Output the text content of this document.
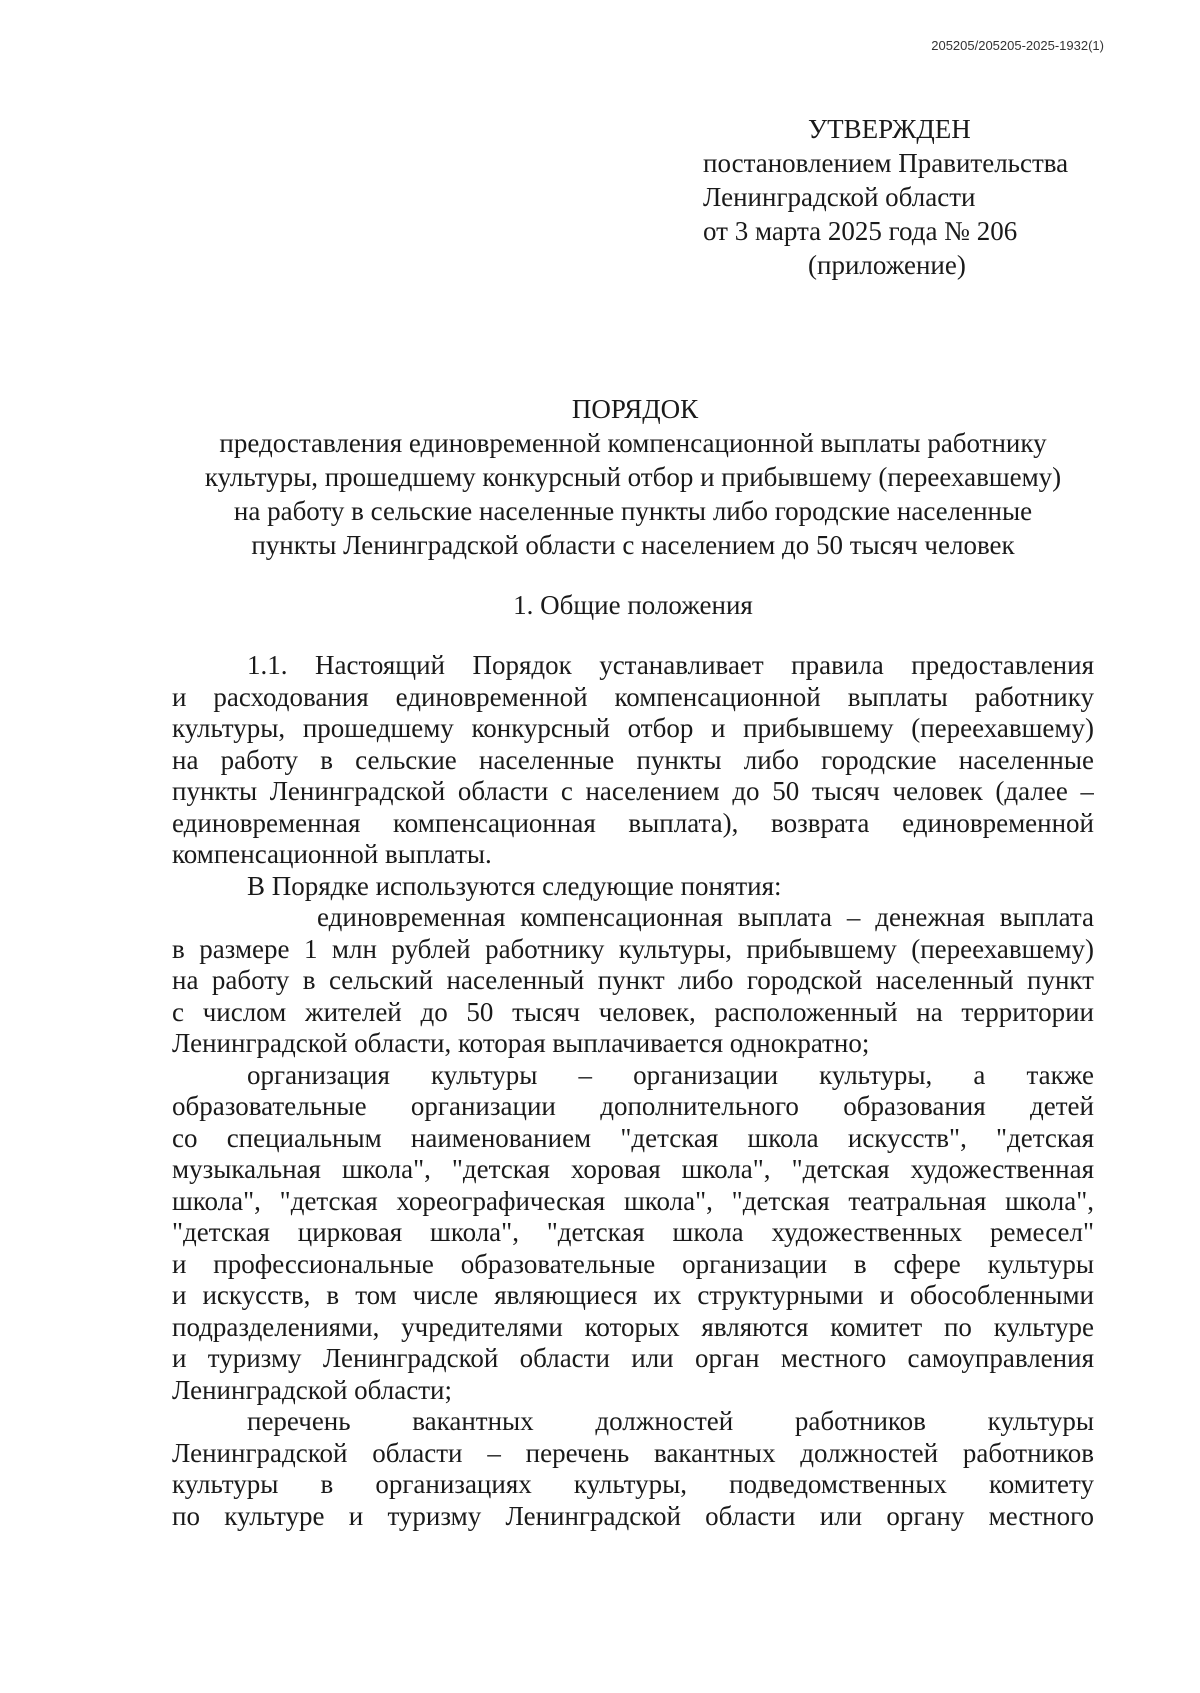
205205/205205-2025-1932(1)
УТВЕРЖДЕН
постановлением Правительства
Ленинградской области
от 3 марта 2025 года № 206
(приложение)
ПОРЯДОК
предоставления единовременной компенсационной выплаты работнику
культуры, прошедшему конкурсный отбор и прибывшему (переехавшему)
на работу в сельские населенные пункты либо городские населенные
пункты Ленинградской области с населением до 50 тысяч человек
1. Общие положения
1.1. Настоящий Порядок устанавливает правила предоставления
и расходования единовременной компенсационной выплаты работнику
культуры, прошедшему конкурсный отбор и прибывшему (переехавшему)
на работу в сельские населенные пункты либо городские населенные
пункты Ленинградской области с населением до 50 тысяч человек (далее –
единовременная компенсационная выплата), возврата единовременной
компенсационной выплаты.
В Порядке используются следующие понятия:
единовременная компенсационная выплата – денежная выплата
в размере 1 млн рублей работнику культуры, прибывшему (переехавшему)
на работу в сельский населенный пункт либо городской населенный пункт
с числом жителей до 50 тысяч человек, расположенный на территории
Ленинградской области, которая выплачивается однократно;
организация культуры – организации культуры, а также
образовательные организации дополнительного образования детей
со специальным наименованием "детская школа искусств", "детская
музыкальная школа", "детская хоровая школа", "детская художественная
школа", "детская хореографическая школа", "детская театральная школа",
"детская цирковая школа", "детская школа художественных ремесел"
и профессиональные образовательные организации в сфере культуры
и искусств, в том числе являющиеся их структурными и обособленными
подразделениями, учредителями которых являются комитет по культуре
и туризму Ленинградской области или орган местного самоуправления
Ленинградской области;
перечень вакантных должностей работников культуры
Ленинградской области – перечень вакантных должностей работников
культуры в организациях культуры, подведомственных комитету
по культуре и туризму Ленинградской области или органу местного
